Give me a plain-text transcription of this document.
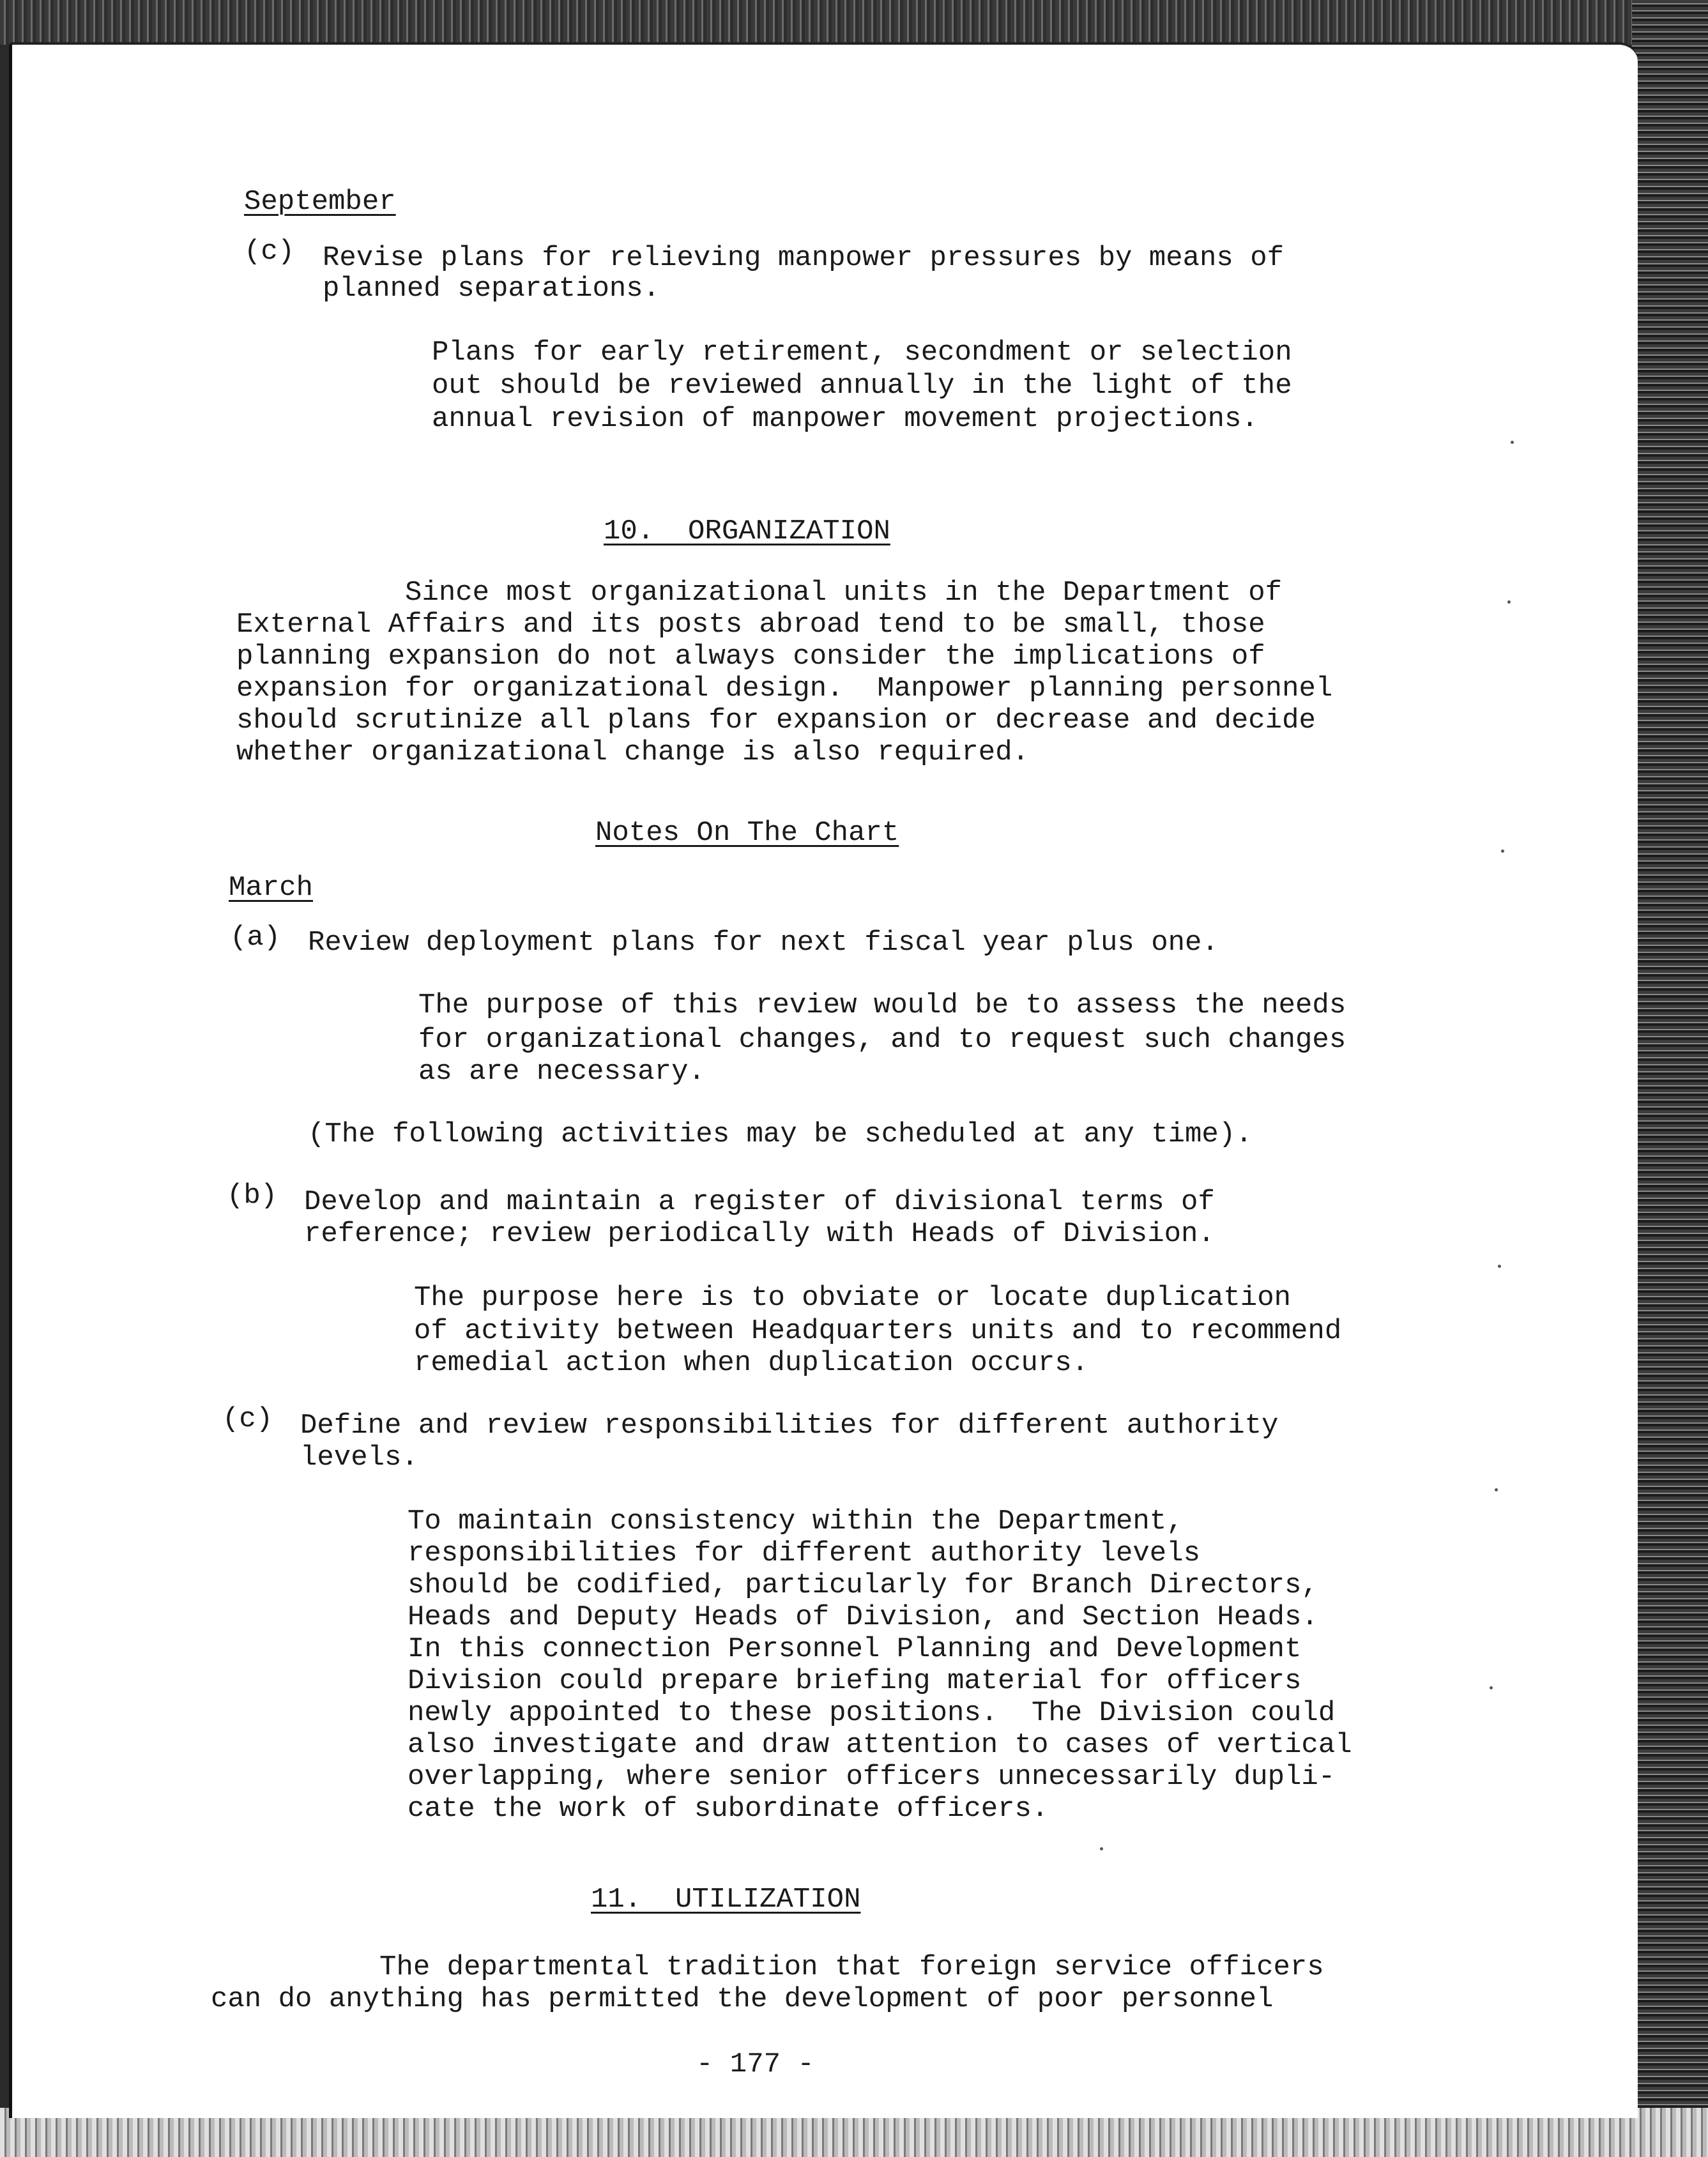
September

(c) Revise plans for relieving manpower pressures by means of

planned separations.

Plans for early retirement, secondment or selection

out should be reviewed annually in the light of the

annual revision of manpower movement projections.

10.  ORGANIZATION

Since most organizational units in the Department of

External Affairs and its posts abroad tend to be small, those

planning expansion do not always consider the implications of

expansion for organizational design.  Manpower planning personnel

should scrutinize all plans for expansion or decrease and decide

whether organizational change is also required.

Notes On The Chart

March

(a) Review deployment plans for next fiscal year plus one.

The purpose of this review would be to assess the needs

for organizational changes, and to request such changes

as are necessary.

(The following activities may be scheduled at any time).

(b) Develop and maintain a register of divisional terms of

reference; review periodically with Heads of Division.

The purpose here is to obviate or locate duplication

of activity between Headquarters units and to recommend

remedial action when duplication occurs.

(c) Define and review responsibilities for different authority

levels.

To maintain consistency within the Department,

responsibilities for different authority levels

should be codified, particularly for Branch Directors,

Heads and Deputy Heads of Division, and Section Heads.

In this connection Personnel Planning and Development

Division could prepare briefing material for officers

newly appointed to these positions.  The Division could

also investigate and draw attention to cases of vertical

overlapping, where senior officers unnecessarily dupli-

cate the work of subordinate officers.

11.  UTILIZATION

The departmental tradition that foreign service officers

can do anything has permitted the development of poor personnel

- 177 -
